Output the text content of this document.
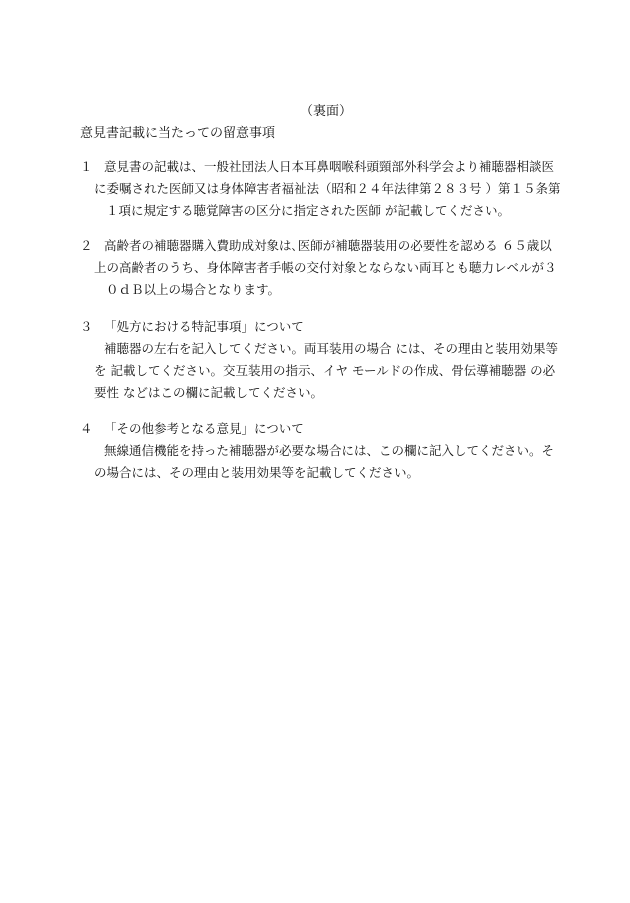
（裏面）
意見書記載に当たっての留意事項
１ 意見書の記載は、一般社団法人日本耳鼻咽喉科頭頸部外科学会より補聴器相談医
に委嘱された医師又は身体障害者福祉法（昭和２４年法律第２８３号 ）第１５条第
１項に規定する聴覚障害の区分に指定された医師 が記載してください。
２ 高齢者の補聴器購入費助成対象は､医師が補聴器装用の必要性を認める ６５歳以
上の高齢者のうち、身体障害者手帳の交付対象とならない両耳とも聴力レベルが３
０ｄＢ以上の場合となります。
３ 「処方における特記事項」について
補聴器の左右を記入してください。両耳装用の場合 には、その理由と装用効果等
を 記載してください。交互装用の指示、イヤ モールドの作成、骨伝導補聴器 の必
要性 などはこの欄に記載してください。
４ 「その他参考となる意見」について
無線通信機能を持った補聴器が必要な場合には、この欄に記入してください。そ
の場合には、その理由と装用効果等を記載してください。
